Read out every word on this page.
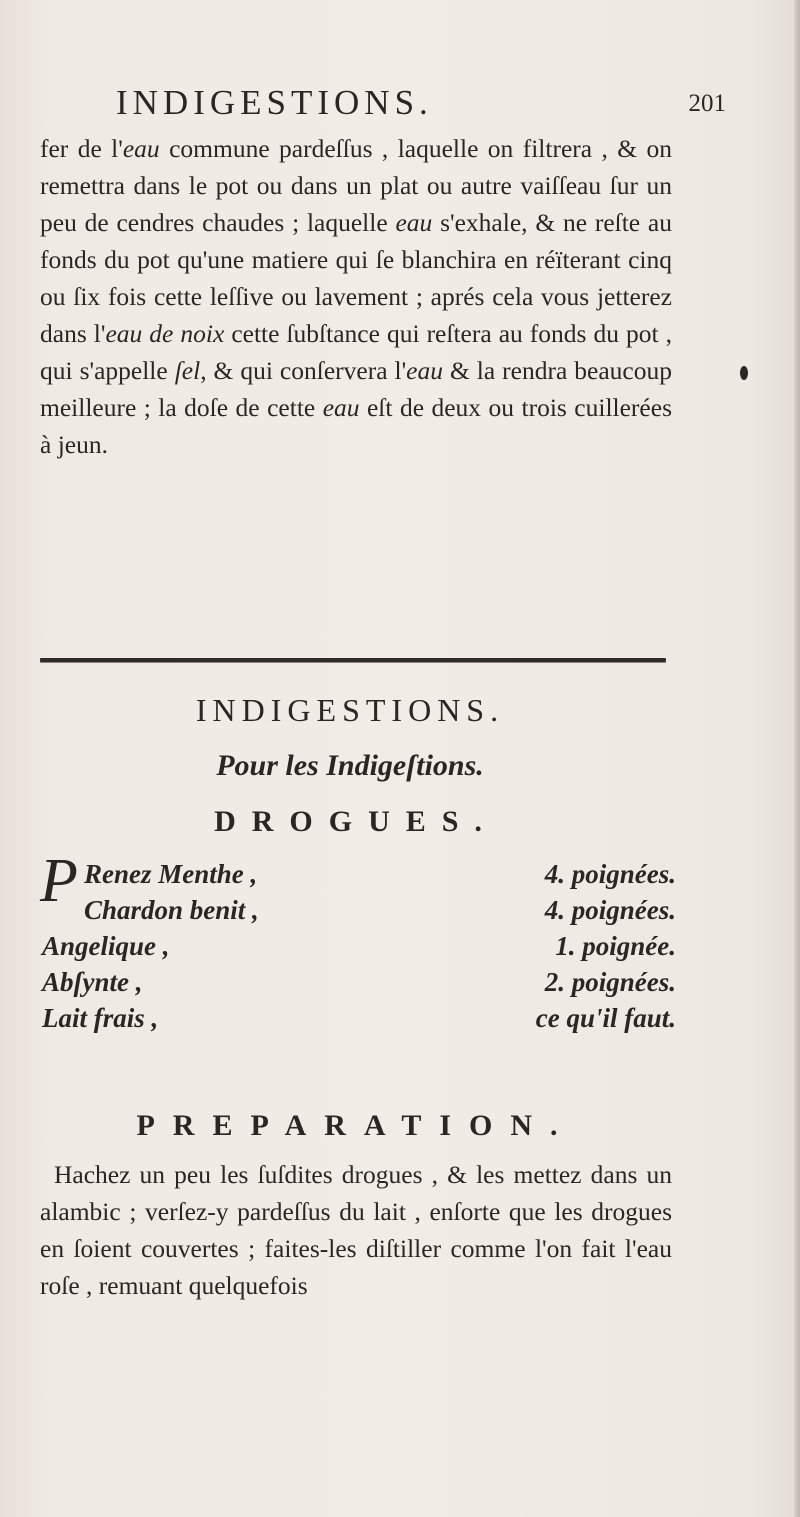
INDIGESTIONS.	201

fer de l'eau commune pardeſſus , laquelle on filtrera , & on remettra dans le pot ou dans un plat ou autre vaiſſeau ſur un peu de cendres chaudes ; laquelle eau s'exhale, & ne reſte au fonds du pot qu'une matiere qui ſe blanchira en réïterant cinq ou ſix fois cette leſſive ou lavement ; aprés cela vous jetterez dans l'eau de noix cette ſubſtance qui reſtera au fonds du pot , qui s'appelle ſel, & qui conſervera l'eau & la rendra beaucoup meilleure ; la doſe de cette eau eſt de deux ou trois cuillerées à jeun.

INDIGESTIONS.
Pour les Indigeſtions.
DROGUES.
P Renez Menthe ,	4. poignées.
Chardon benit ,	4. poignées.
Angelique ,	1. poignée.
Abſynte ,	2. poignées.
Lait frais ,	ce qu'il faut.
PREPARATION.

Hachez un peu les ſuſdites drogues , & les mettez dans un alambic ; verſez-y pardeſſus du lait , enſorte que les drogues en ſoient couvertes ; faites-les diſtiller comme l'on fait l'eau roſe , remuant quelquefois
